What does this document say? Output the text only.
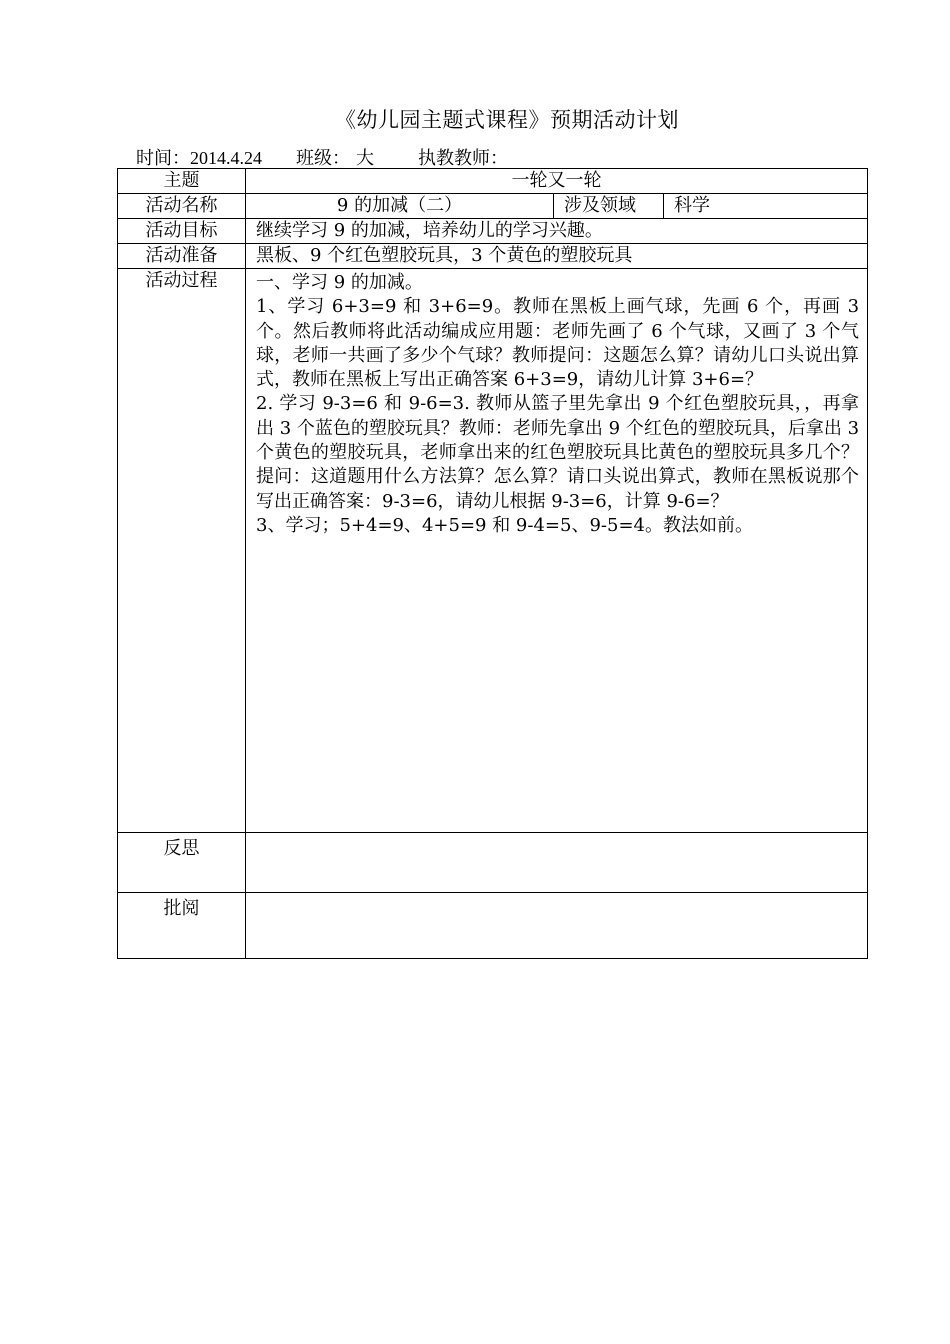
《幼儿园主题式课程》预期活动计划
时间：2014.4.24 班级： 大 执教教师：
主题	一轮又一轮		
活动名称	9 的加减（二）	涉及领域	科学
活动目标	继续学习 9 的加减，培养幼儿的学习兴趣。		
活动准备	黑板、9 个红色塑胶玩具，3 个黄色的塑胶玩具		
活动过程	一、学习 9 的加减。

1、学习 6+3=9 和 3+6=9。教师在黑板上画气球，先画 6 个，再画 3 个。然后教师将此活动编成应用题：老师先画了 6 个气球，又画了 3 个气球，老师一共画了多少个气球？教师提问：这题怎么算？请幼儿口头说出算式，教师在黑板上写出正确答案 6+3=9，请幼儿计算 3+6=？

2. 学习 9-3=6 和 9-6=3. 教师从篮子里先拿出 9 个红色塑胶玩具，，再拿出 3 个蓝色的塑胶玩具？教师：老师先拿出 9 个红色的塑胶玩具，后拿出 3 个黄色的塑胶玩具，老师拿出来的红色塑胶玩具比黄色的塑胶玩具多几个？提问：这道题用什么方法算？怎么算？请口头说出算式，教师在黑板说那个写出正确答案：9-3=6，请幼儿根据 9-3=6，计算 9-6=？

3、学习；5+4=9、4+5=9 和 9-4=5、9-5=4。教法如前。		

反思			
批阅			
